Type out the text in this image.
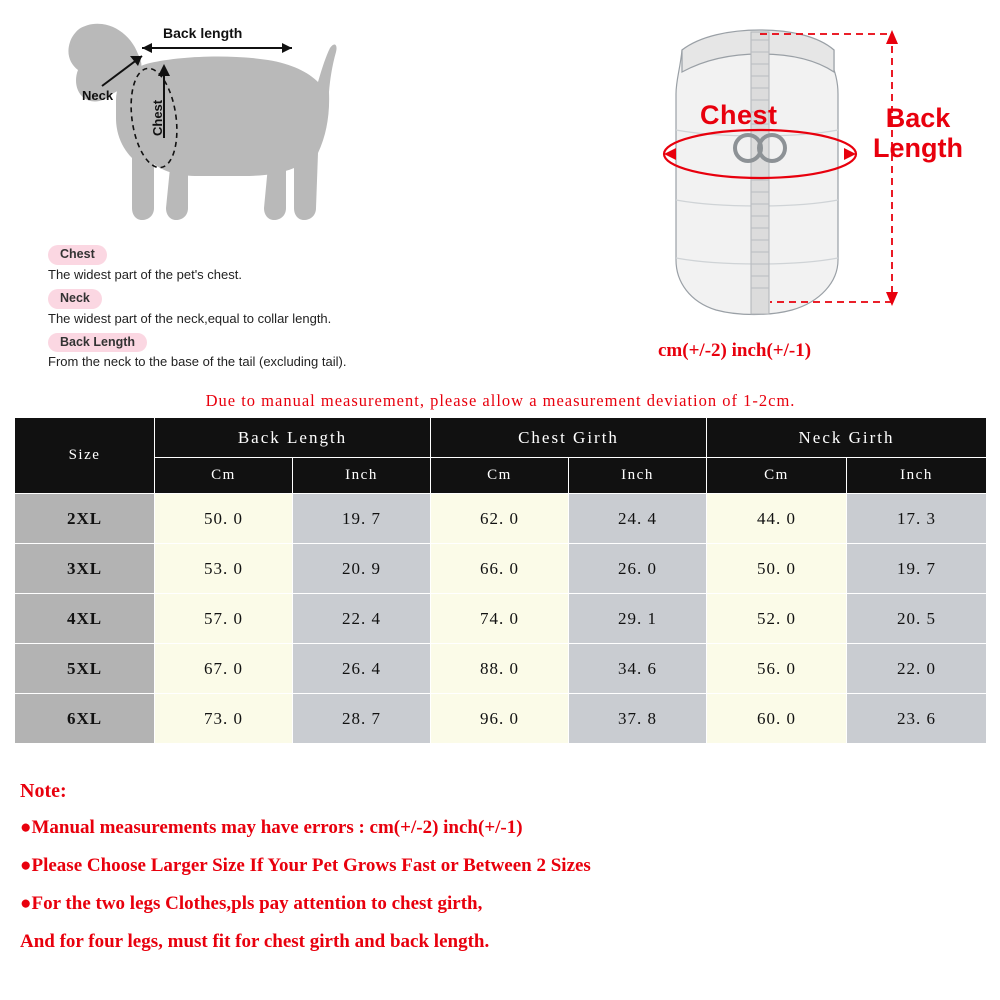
Back length
Neck
Chest
Chest
The widest part of the pet's chest.
Neck
The widest part of the neck,equal to collar length.
Back Length
From the neck to the base of the tail (excluding tail).
Chest	Back
Length
cm(+/-2) inch(+/-1)
Due to manual measurement, please allow a measurement deviation of 1-2cm.						
Size	Back Length		Chest Girth		Neck Girth	
	Cm	Inch	Cm	Inch	Cm	Inch
2XL	50. 0	19. 7	62. 0	24. 4	44. 0	17. 3
3XL	53. 0	20. 9	66. 0	26. 0	50. 0	19. 7
4XL	57. 0	22. 4	74. 0	29. 1	52. 0	20. 5
5XL	67. 0	26. 4	88. 0	34. 6	56. 0	22. 0
6XL	73. 0	28. 7	96. 0	37. 8	60. 0	23. 6
Note:
●Manual measurements may have errors : cm(+/-2) inch(+/-1)
●Please Choose Larger Size If Your Pet Grows Fast or Between 2 Sizes
●For the two legs Clothes,pls pay attention to chest girth,
And for four legs, must fit for chest girth and back length.
